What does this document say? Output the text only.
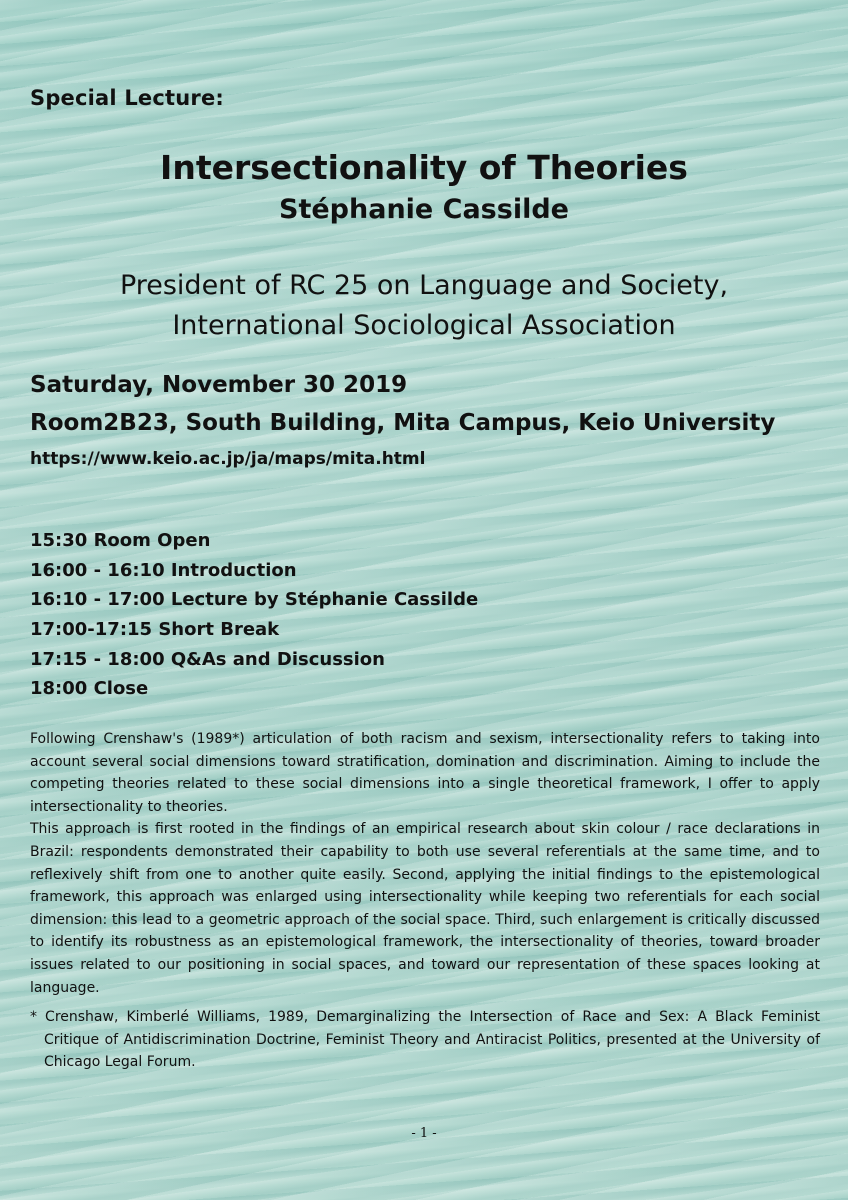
Special Lecture:
Intersectionality of Theories
Stéphanie Cassilde
President of RC 25 on Language and Society,
International Sociological Association
Saturday, November 30 2019
Room2B23, South Building, Mita Campus, Keio University
https://www.keio.ac.jp/ja/maps/mita.html
15:30 Room Open
16:00 - 16:10 Introduction
16:10 - 17:00 Lecture by Stéphanie Cassilde
17:00-17:15 Short Break
17:15 - 18:00 Q&As and Discussion
18:00 Close

Following Crenshaw's (1989*) articulation of both racism and sexism, intersectionality refers to taking into account several social dimensions toward stratification, domination and discrimination. Aiming to include the competing theories related to these social dimensions into a single theoretical framework, I offer to apply intersectionality to theories.

This approach is first rooted in the findings of an empirical research about skin colour / race declarations in Brazil: respondents demonstrated their capability to both use several referentials at the same time, and to reflexively shift from one to another quite easily. Second, applying the initial findings to the epistemological framework, this approach was enlarged using intersectionality while keeping two referentials for each social dimension: this lead to a geometric approach of the social space. Third, such enlargement is critically discussed to identify its robustness as an epistemological framework, the intersectionality of theories, toward broader issues related to our positioning in social spaces, and toward our representation of these spaces looking at language.

* Crenshaw, Kimberlé Williams, 1989, Demarginalizing the Intersection of Race and Sex: A Black Feminist Critique of Antidiscrimination Doctrine, Feminist Theory and Antiracist Politics, presented at the University of Chicago Legal Forum.
- 1 -
